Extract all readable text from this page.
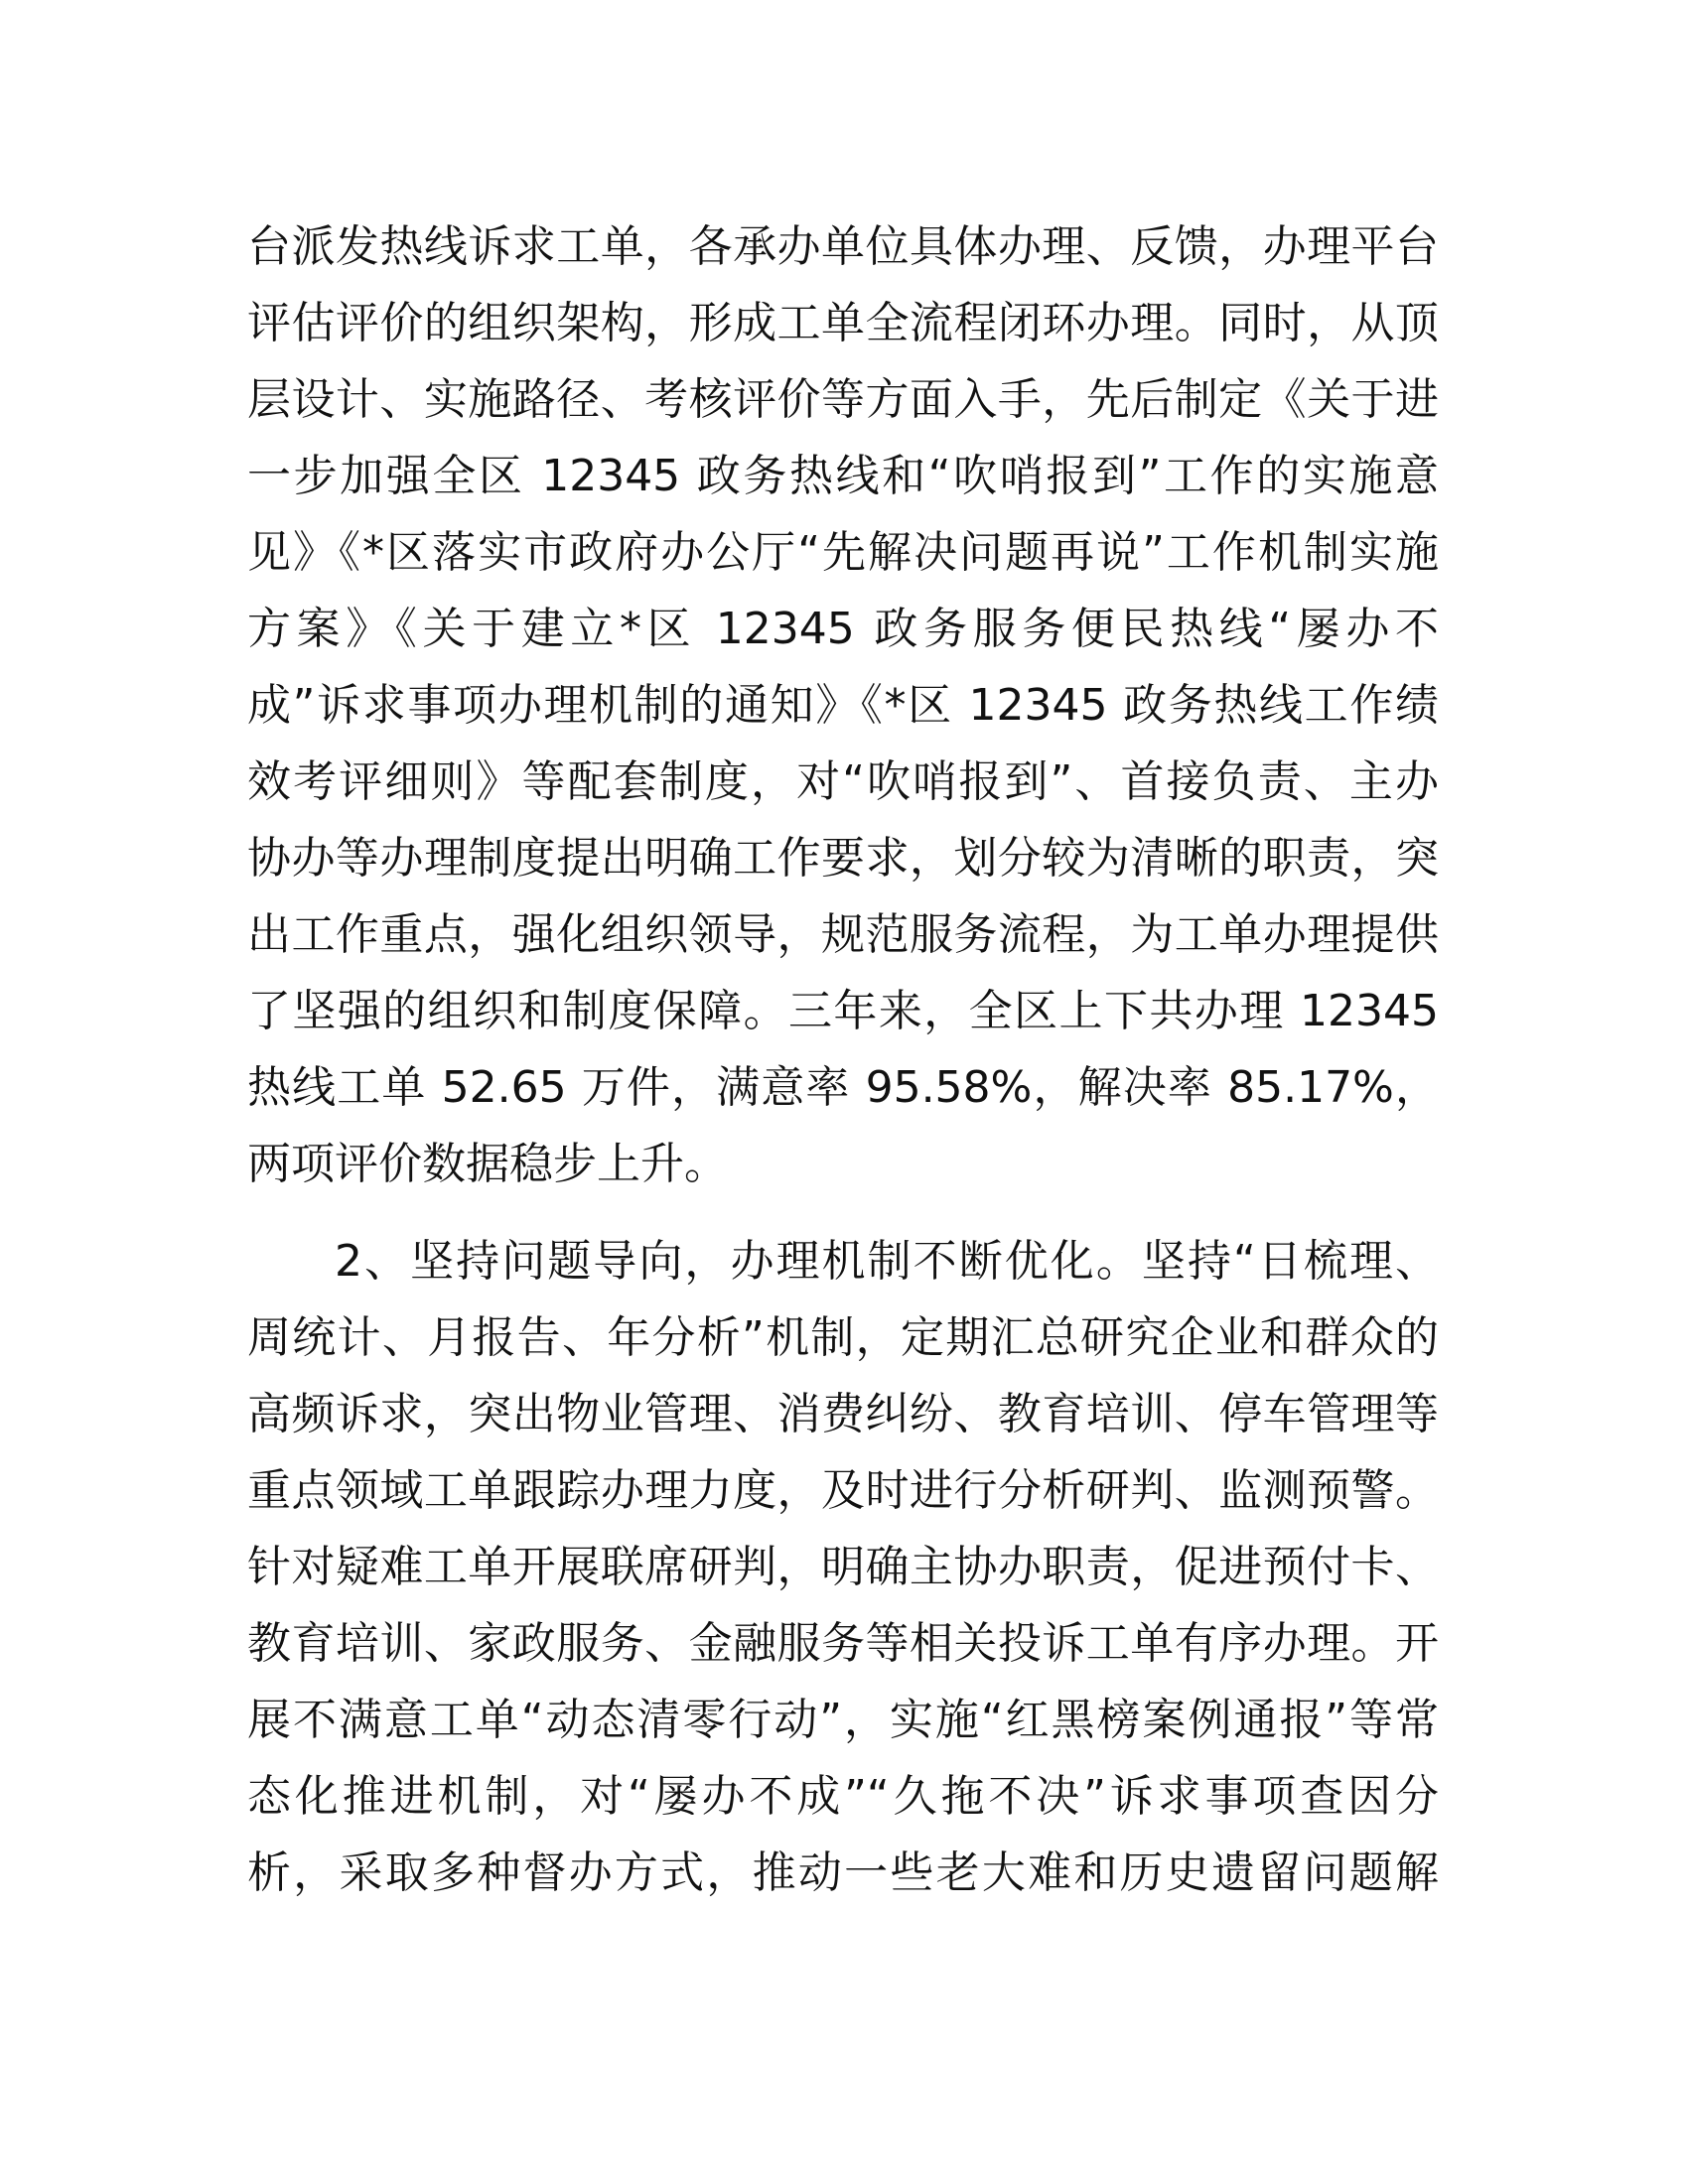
台派发热线诉求工单，各承办单位具体办理、反馈，办理平台
评估评价的组织架构，形成工单全流程闭环办理。同时，从顶
层设计、实施路径、考核评价等方面入手，先后制定《关于进
一步加强全区 12345 政务热线和“吹哨报到”工作的实施意
见》《*区落实市政府办公厅“先解决问题再说”工作机制实施
方案》《关于建立*区 12345 政务服务便民热线“屡办不
成”诉求事项办理机制的通知》《*区 12345 政务热线工作绩
效考评细则》等配套制度，对“吹哨报到”、首接负责、主办
协办等办理制度提出明确工作要求，划分较为清晰的职责，突
出工作重点，强化组织领导，规范服务流程，为工单办理提供
了坚强的组织和制度保障。三年来，全区上下共办理 12345
热线工单 52.65 万件，满意率 95.58%，解决率 85.17%，
两项评价数据稳步上升。
2、坚持问题导向，办理机制不断优化。坚持“日梳理、
周统计、月报告、年分析”机制，定期汇总研究企业和群众的
高频诉求，突出物业管理、消费纠纷、教育培训、停车管理等
重点领域工单跟踪办理力度，及时进行分析研判、监测预警。
针对疑难工单开展联席研判，明确主协办职责，促进预付卡、
教育培训、家政服务、金融服务等相关投诉工单有序办理。开
展不满意工单“动态清零行动”，实施“红黑榜案例通报”等常
态化推进机制，对“屡办不成”“久拖不决”诉求事项查因分
析，采取多种督办方式，推动一些老大难和历史遗留问题解
